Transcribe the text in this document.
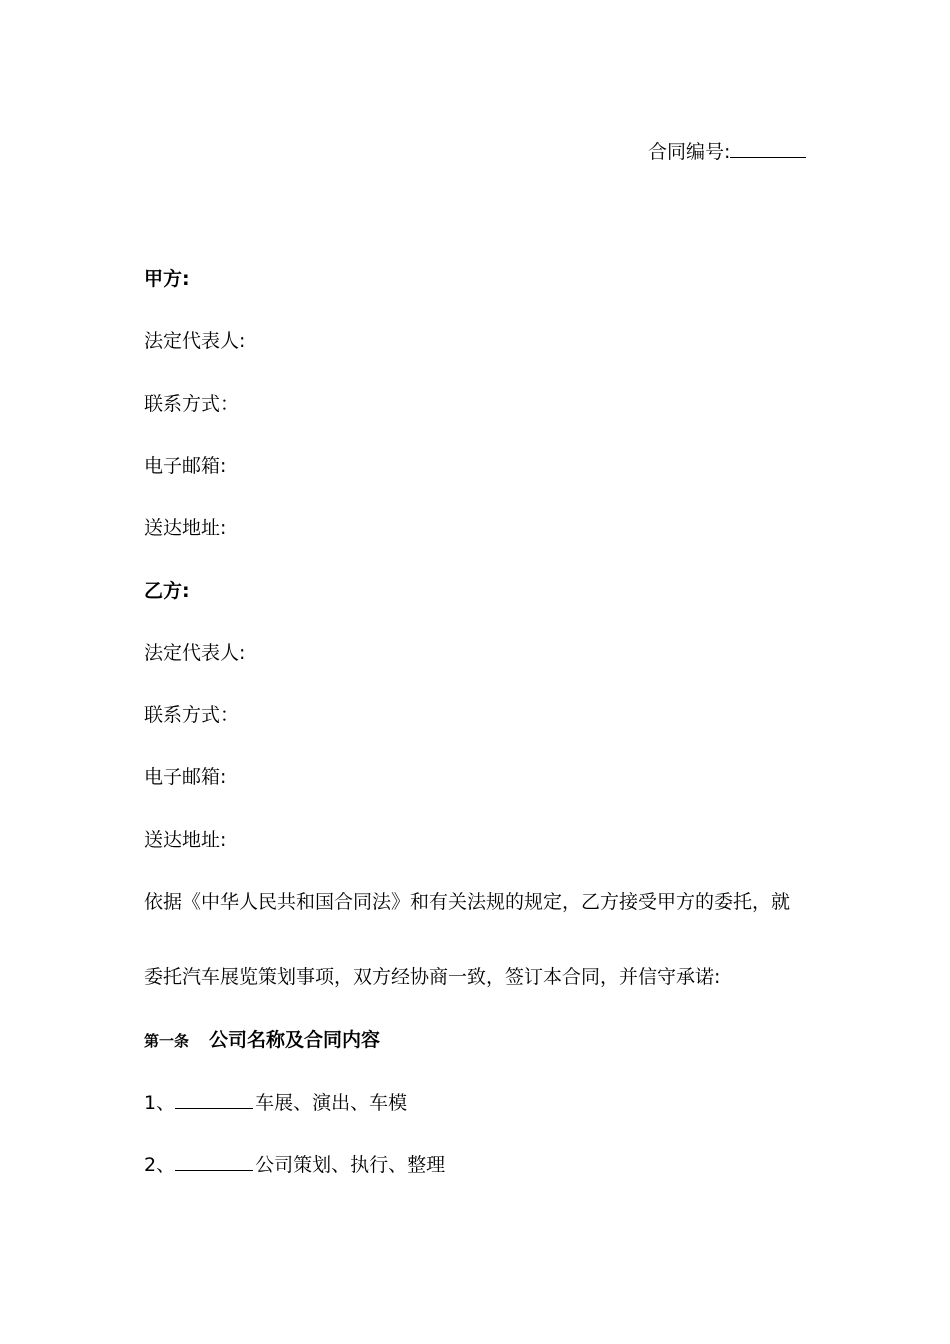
合同编号:
甲方:
法定代表人:
联系方式：
电子邮箱:
送达地址:
乙方:
法定代表人:
联系方式：
电子邮箱:
送达地址:
依据《中华人民共和国合同法》和有关法规的规定，乙方接受甲方的委托，就
委托汽车展览策划事项，双方经协商一致，签订本合同，并信守承诺:
第一条 公司名称及合同内容
1、	车展、演出、车模
2、	公司策划、执行、整理
